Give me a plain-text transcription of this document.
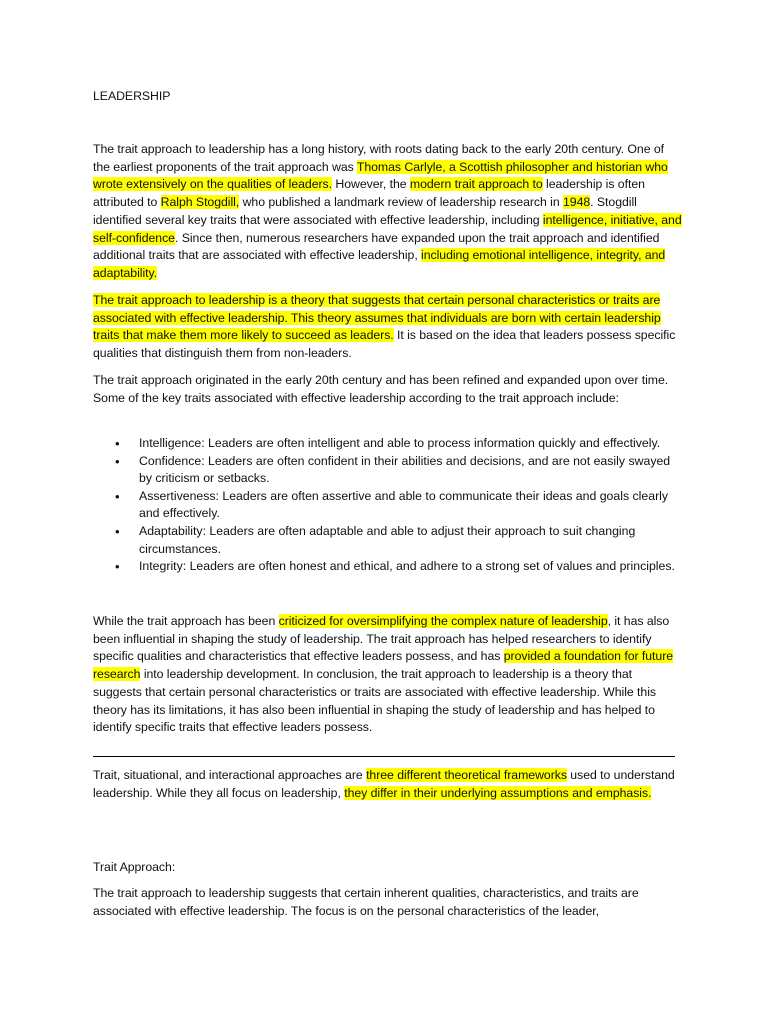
LEADERSHIP
The trait approach to leadership has a long history, with roots dating back to the early 20th century. One of the earliest proponents of the trait approach was Thomas Carlyle, a Scottish philosopher and historian who wrote extensively on the qualities of leaders. However, the modern trait approach to leadership is often attributed to Ralph Stogdill, who published a landmark review of leadership research in 1948. Stogdill identified several key traits that were associated with effective leadership, including intelligence, initiative, and self-confidence. Since then, numerous researchers have expanded upon the trait approach and identified additional traits that are associated with effective leadership, including emotional intelligence, integrity, and adaptability.
The trait approach to leadership is a theory that suggests that certain personal characteristics or traits are associated with effective leadership. This theory assumes that individuals are born with certain leadership traits that make them more likely to succeed as leaders. It is based on the idea that leaders possess specific qualities that distinguish them from non-leaders.
The trait approach originated in the early 20th century and has been refined and expanded upon over time. Some of the key traits associated with effective leadership according to the trait approach include:
• Intelligence: Leaders are often intelligent and able to process information quickly and effectively.
• Confidence: Leaders are often confident in their abilities and decisions, and are not easily swayed by criticism or setbacks.
• Assertiveness: Leaders are often assertive and able to communicate their ideas and goals clearly and effectively.
• Adaptability: Leaders are often adaptable and able to adjust their approach to suit changing circumstances.
• Integrity: Leaders are often honest and ethical, and adhere to a strong set of values and principles.
While the trait approach has been criticized for oversimplifying the complex nature of leadership, it has also been influential in shaping the study of leadership. The trait approach has helped researchers to identify specific qualities and characteristics that effective leaders possess, and has provided a foundation for future research into leadership development. In conclusion, the trait approach to leadership is a theory that suggests that certain personal characteristics or traits are associated with effective leadership. While this theory has its limitations, it has also been influential in shaping the study of leadership and has helped to identify specific traits that effective leaders possess.
Trait, situational, and interactional approaches are three different theoretical frameworks used to understand leadership. While they all focus on leadership, they differ in their underlying assumptions and emphasis.
Trait Approach:
The trait approach to leadership suggests that certain inherent qualities, characteristics, and traits are associated with effective leadership. The focus is on the personal characteristics of the leader,
